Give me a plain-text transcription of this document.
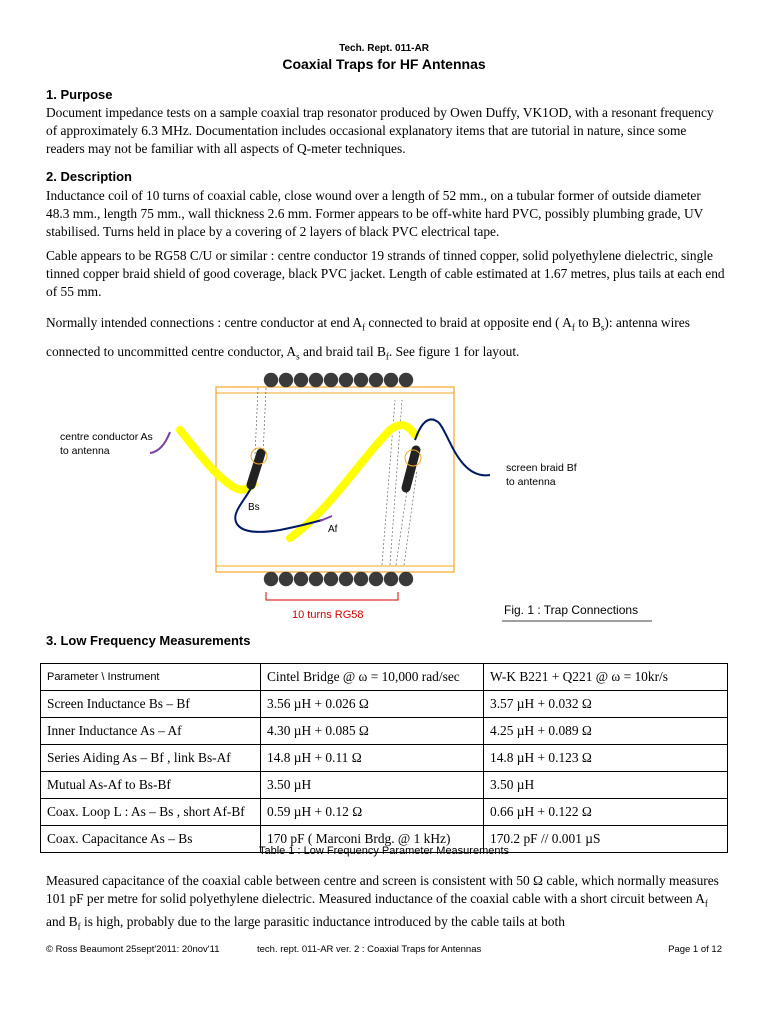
Tech. Rept. 011-AR
Coaxial Traps for HF Antennas
1. Purpose
Document impedance tests on a sample coaxial trap resonator produced by Owen Duffy, VK1OD, with a resonant frequency of approximately 6.3 MHz. Documentation includes occasional explanatory items that are tutorial in nature, since some readers may not be familiar with all aspects of Q-meter techniques.
2. Description
Inductance coil of 10 turns of coaxial cable, close wound over a length of 52 mm., on a tubular former of outside diameter 48.3 mm., length 75 mm., wall thickness 2.6 mm. Former appears to be off-white hard PVC, possibly plumbing grade, UV stabilised. Turns held in place by a covering of 2 layers of black PVC electrical tape.
Cable appears to be RG58 C/U or similar : centre conductor 19 strands of tinned copper, solid polyethylene dielectric, single tinned copper braid shield of good coverage, black PVC jacket. Length of cable estimated at 1.67 metres, plus tails at each end of 55 mm.
Normally intended connections : centre conductor at end $A_f$ connected to braid at opposite end ( $A_f$ to $B_s$): antenna wires connected to uncommitted centre conductor, $A_s$ and braid tail $B_f$. See figure 1 for layout.
centre conductor As
to antenna
screen braid Bf
to antenna
Bs
Af
10 turns RG58	Fig. 1 : Trap Connections
3. Low Frequency Measurements
Parameter \ Instrument	Cintel Bridge @ ω = 10,000 rad/sec	W-K B221 + Q221 @ ω = 10kr/s
Screen Inductance Bs – Bf	3.56 µH + 0.026 Ω	3.57 µH + 0.032 Ω
Inner Inductance As – Af	4.30 µH + 0.085 Ω	4.25 µH + 0.089 Ω
Series Aiding As – Bf , link Bs-Af	14.8 µH + 0.11 Ω	14.8 µH + 0.123 Ω
Mutual As-Af to Bs-Bf	3.50 µH	3.50 µH
Coax. Loop L : As – Bs , short Af-Bf	0.59 µH + 0.12 Ω	0.66 µH + 0.122 Ω
Coax. Capacitance As – Bs	170 pF ( Marconi Brdg. @ 1 kHz)	170.2 pF // 0.001 µS
Table 1 : Low Frequency Parameter Measurements
Measured capacitance of the coaxial cable between centre and screen is consistent with 50 Ω cable, which normally measures 101 pF per metre for solid polyethylene dielectric. Measured inductance of the coaxial cable with a short circuit between $A_f$ and $B_f$ is high, probably due to the large parasitic inductance introduced by the cable tails at both
© Ross Beaumont 25sept'2011: 20nov'11	tech. rept. 011-AR ver. 2 : Coaxial Traps for Antennas	Page 1 of 12
